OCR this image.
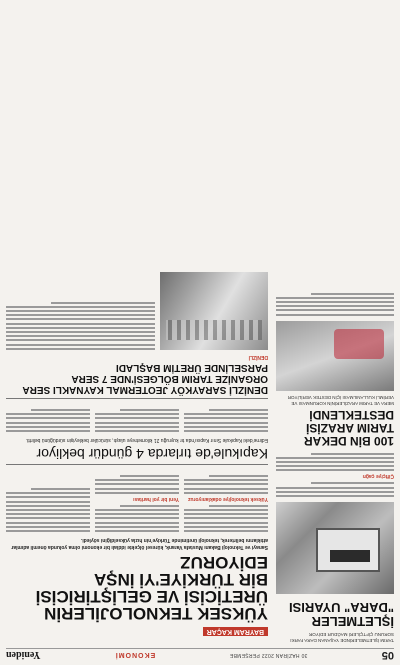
05
30 HAZİRAN 2022 PERŞEMBE
EKONOMİ
Yeniden
TARIM İŞLETMELERİNDE YAŞANAN DARA FARKI SORUNU ÇİFTÇİLERİ MAĞDUR EDİYOR
İŞLETMELER "DARA" UYARISI
Çiftçiye çağrı
100 BİN DEKAR TARIM ARAZİSİ DESTEKLENDİ
MERA VE TARIM ARAZİLERİNİN KORUNMASI VE VERİMLİ KULLANILMASI İÇİN DESTEK VERİLİYOR
BAYRAM KAÇAR
YÜKSEK TEKNOLOJİLERİN ÜRETİCİSİ VE GELİŞTİRİCİSİ BİR TÜRKİYE'Yİ İNŞA EDİYORUZ
Sanayi ve Teknoloji Bakanı Mustafa Varank, küresel ölçekte iddialı bir ekonomi olma yolunda önemli adımlar attıklarını belirterek, teknoloji üretiminde Türkiye'nin hızla yükseldiğini söyledi.
Yüksek teknolojiye odaklanıyoruz
Yeni bir yol haritası
Kapıkule'de tırlarda 4 gündür bekliyor
Edirne'deki Kapıkule Sınır Kapısı'nda tır kuyruğu 21 kilometreye ulaştı, sürücüler bekleyişin sürdüğünü belirtti.
DENİZLİ SARAYKÖY JEOTERMAL KAYNAKLI SERA ORGANİZE TARIM BÖLGESİ'NDE 7 SERA PARSELİNDE ÜRETİM BAŞLADI
DENİZLİ
